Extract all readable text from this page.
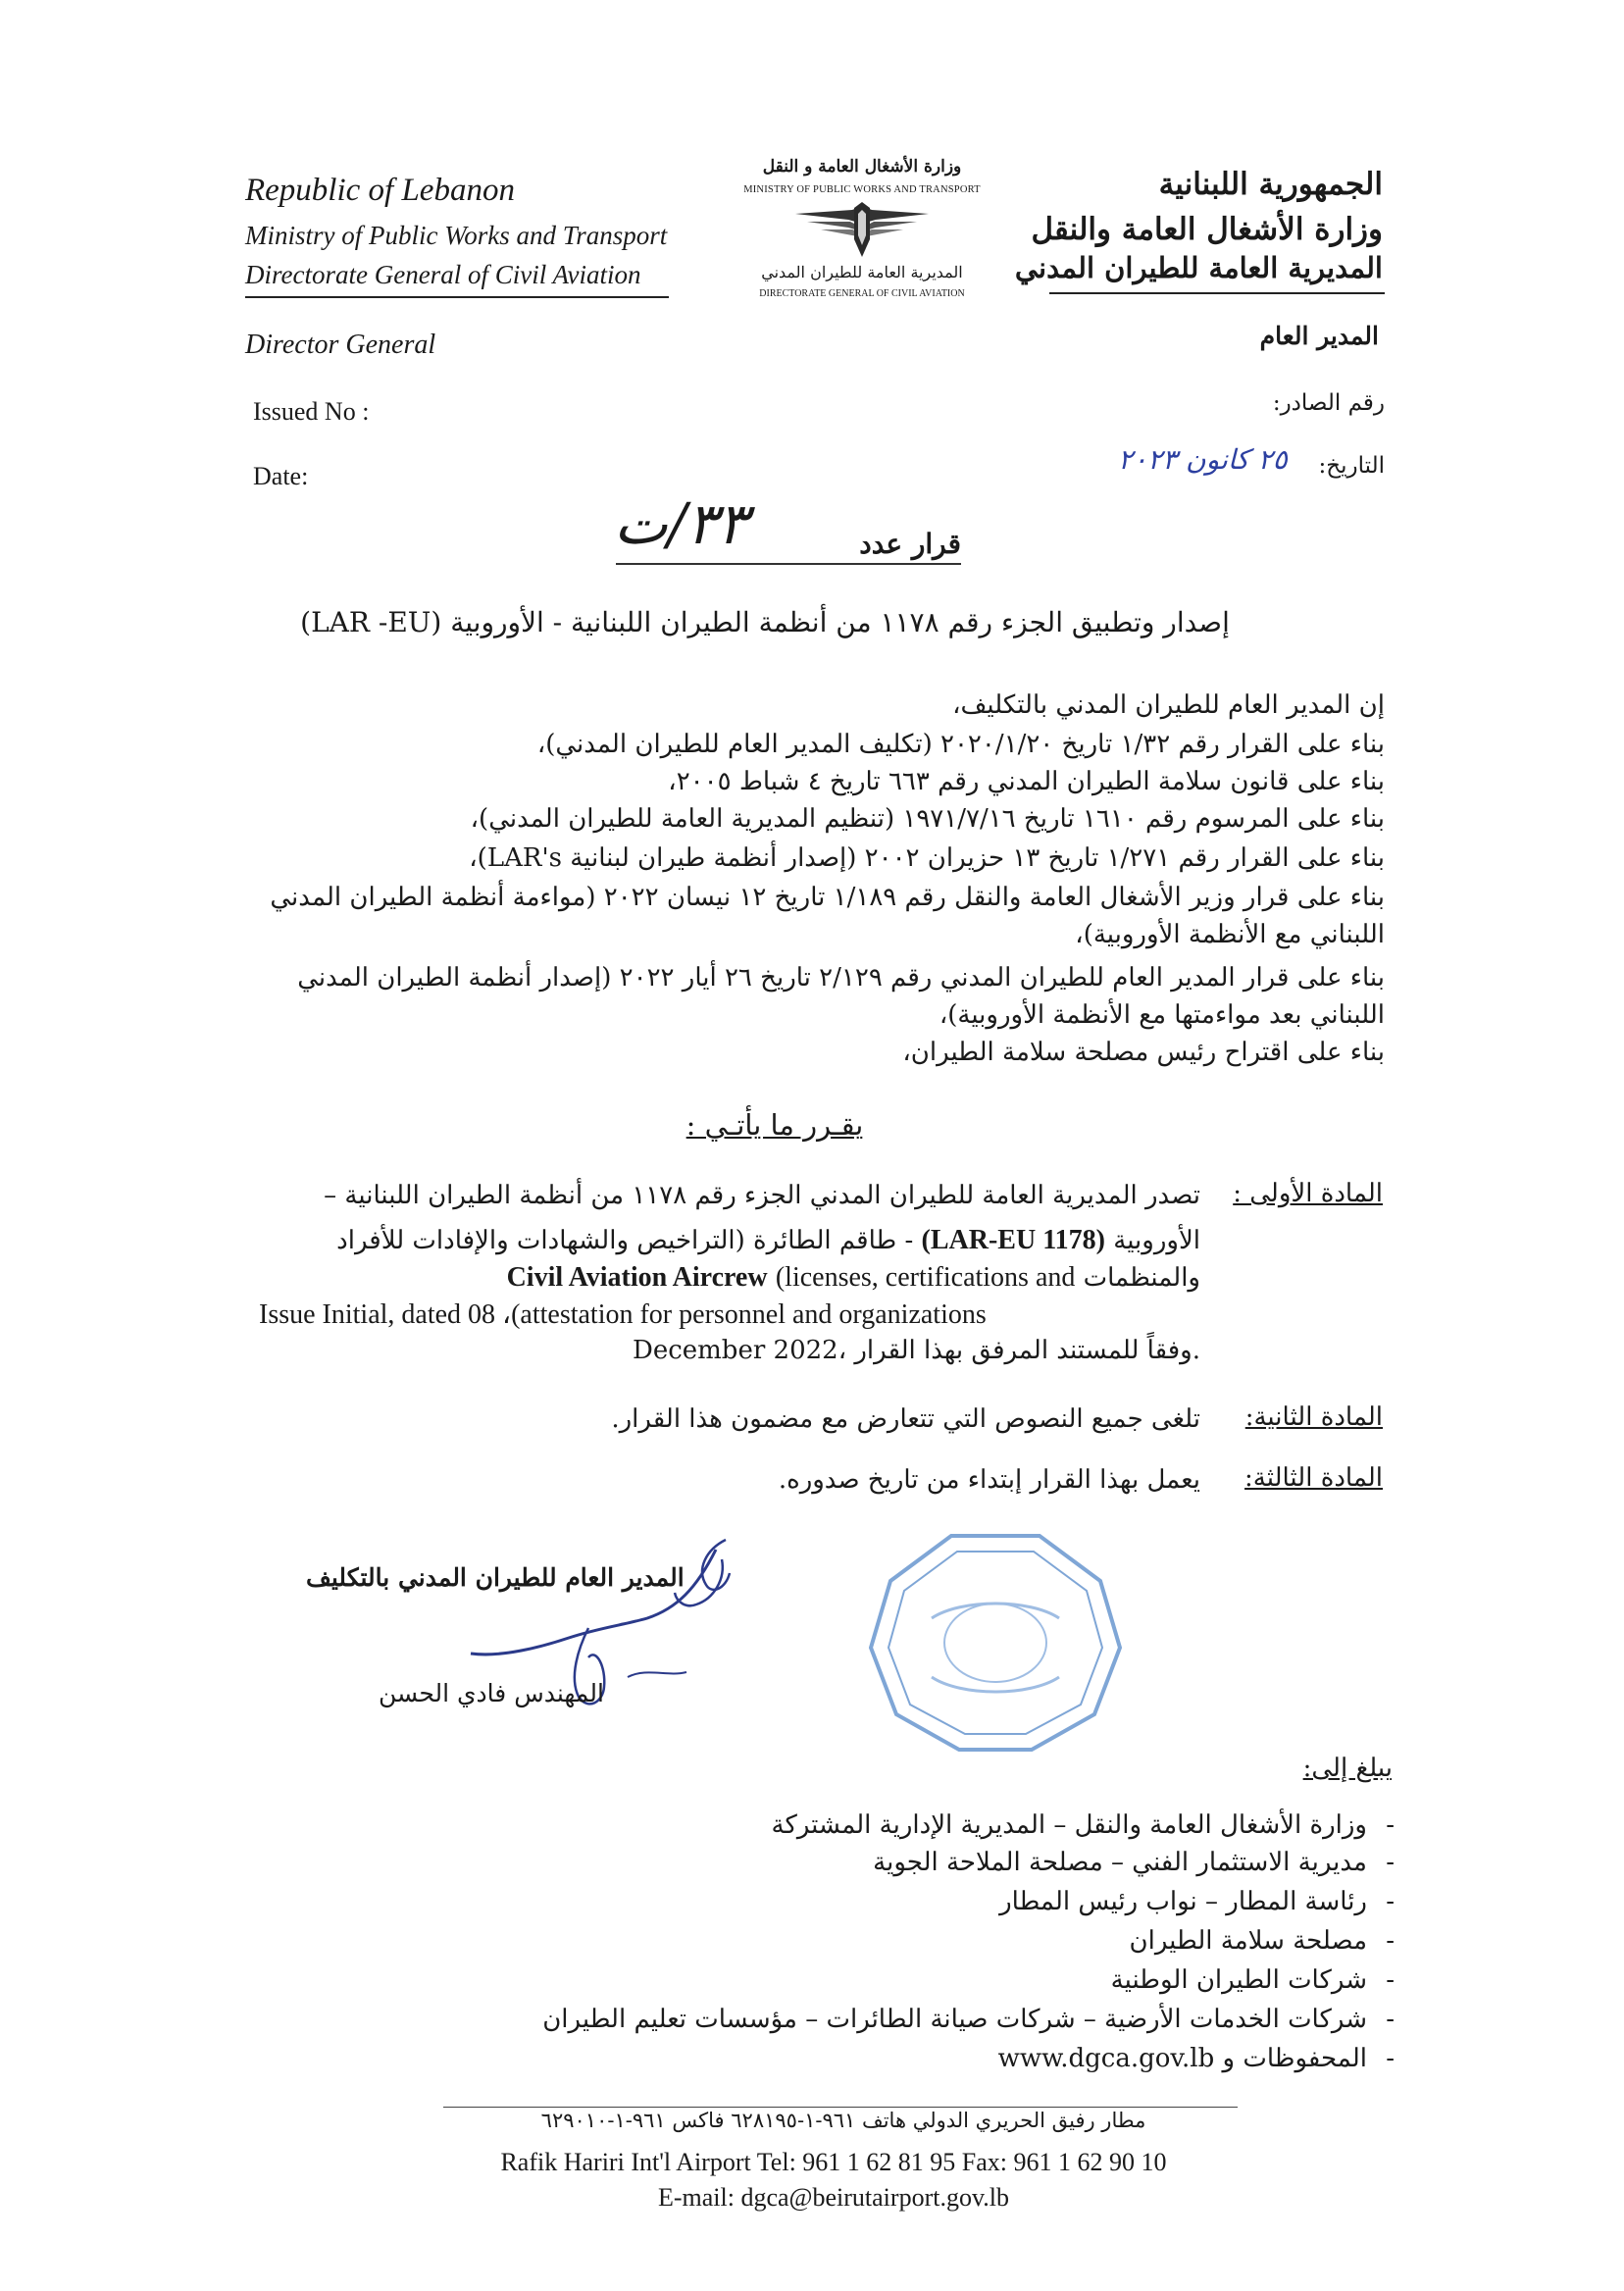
Republic of Lebanon
Ministry of Public Works and Transport
Directorate General of Civil Aviation
الجمهورية اللبنانية
وزارة الأشغال العامة والنقل
المديرية العامة للطيران المدني
وزارة الأشغال العامة و النقل
MINISTRY OF PUBLIC WORKS AND TRANSPORT
المديرية العامة للطيران المدني
DIRECTORATE GENERAL OF CIVIL AVIATION
Director General	المدير العام
Issued No :	رقم الصادر:
Date:	التاريخ:
٢٥ كانون ٢٠٢٣
قرار عدد
٣٣/ت
إصدار وتطبيق الجزء رقم ١١٧٨ من أنظمة الطيران اللبنانية - الأوروبية (LAR -EU)
إن المدير العام للطيران المدني بالتكليف،
بناء على القرار رقم ١/٣٢ تاريخ ٢٠٢٠/١/٢٠ (تكليف المدير العام للطيران المدني)،
بناء على قانون سلامة الطيران المدني رقم ٦٦٣ تاريخ ٤ شباط ٢٠٠٥،
بناء على المرسوم رقم ١٦١٠ تاريخ ١٩٧١/٧/١٦ (تنظيم المديرية العامة للطيران المدني)،
بناء على القرار رقم ١/٢٧١ تاريخ ١٣ حزيران ٢٠٠٢ (إصدار أنظمة طيران لبنانية LAR's)،
بناء على قرار وزير الأشغال العامة والنقل رقم ١/١٨٩ تاريخ ١٢ نيسان ٢٠٢٢ (مواءمة أنظمة الطيران المدني
اللبناني مع الأنظمة الأوروبية)،
بناء على قرار المدير العام للطيران المدني رقم ٢/١٢٩ تاريخ ٢٦ أيار ٢٠٢٢ (إصدار أنظمة الطيران المدني
اللبناني بعد مواءمتها مع الأنظمة الأوروبية)،
بناء على اقتراح رئيس مصلحة سلامة الطيران،
يقـرر ما يأتـي :
المادة الأولى :
تصدر المديرية العامة للطيران المدني الجزء رقم ١١٧٨ من أنظمة الطيران اللبنانية –
الأوروبية (LAR-EU 1178) - طاقم الطائرة (التراخيص والشهادات والإفادات للأفراد
والمنظمات (licenses, certifications and Civil Aviation Aircrew
Issue Initial, dated 08 ،(attestation for personnel and organizations
December 2022، وفقاً للمستند المرفق بهذا القرار.
المادة الثانية:
تلغى جميع النصوص التي تتعارض مع مضمون هذا القرار.
المادة الثالثة:
يعمل بهذا القرار إبتداء من تاريخ صدوره.
المدير العام للطيران المدني بالتكليف
المهندس فادي الحسن
يبلغ إلى:
-وزارة الأشغال العامة والنقل – المديرية الإدارية المشتركة
-مديرية الاستثمار الفني – مصلحة الملاحة الجوية
-رئاسة المطار – نواب رئيس المطار
-مصلحة سلامة الطيران
-شركات الطيران الوطنية
-شركات الخدمات الأرضية – شركات صيانة الطائرات – مؤسسات تعليم الطيران
-المحفوظات و www.dgca.gov.lb
مطار رفيق الحريري الدولي هاتف ٩٦١-١-٦٢٨١٩٥ فاكس ٩٦١-١-٦٢٩٠١٠
Rafik Hariri Int'l Airport Tel: 961 1 62 81 95 Fax: 961 1 62 90 10
E-mail: dgca@beirutairport.gov.lb
